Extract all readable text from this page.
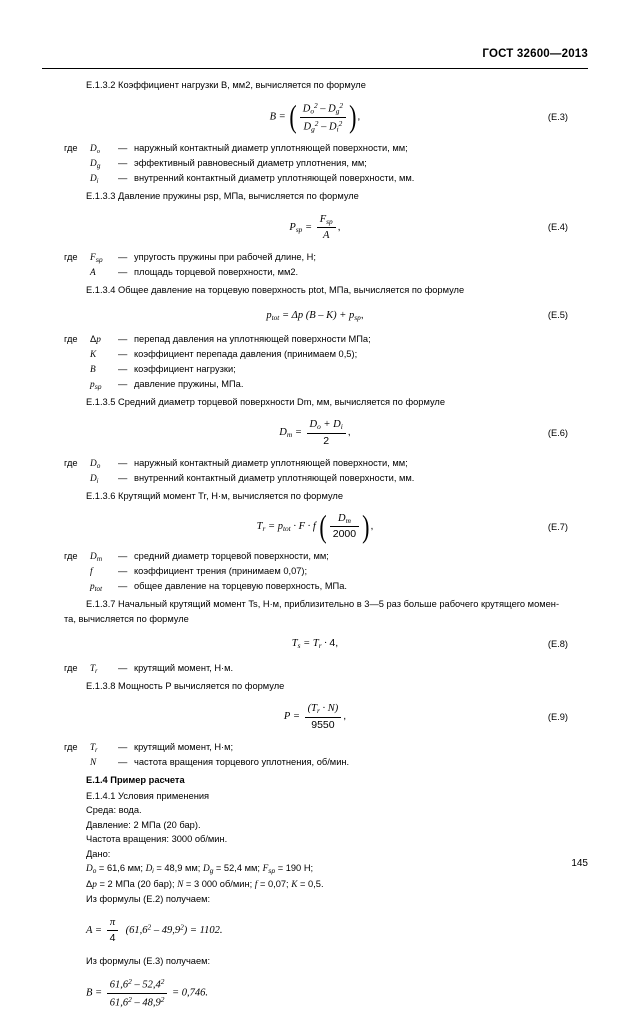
ГОСТ 32600—2013

E.1.3.2 Коэффициент нагрузки В, мм2, вычисляется по формуле

B = ( $\frac{D_o^2 - D_g^2}{D_g^2 - D_i^2}$ ),	(Е.3)
где	$D_o$	— наружный контактный диаметр уплотняющей поверхности, мм;
$D_g$	— эффективный равновесный диаметр уплотнения, мм;
$D_i$	— внутренний контактный диаметр уплотняющей поверхности, мм.

E.1.3.3 Давление пружины psp, МПа, вычисляется по формуле

$P_{sp} = \frac{F_{sp}}{A}$ ,	(Е.4)
где	$F_{sp}$	— упругость пружины при рабочей длине, Н;
A	— площадь торцевой поверхности, мм2.

E.1.3.4 Общее давление на торцевую поверхность ptot, МПа, вычисляется по формуле

$p_{tot} = \Delta p$ $(B - K) + p_{sp}$,	(Е.5)
где	Δp	— перепад давления на уплотняющей поверхности МПа;
K	— коэффициент перепада давления (принимаем 0,5);
B	— коэффициент нагрузки;
$p_{sp}$	— давление пружины, МПа.

E.1.3.5 Средний диаметр торцевой поверхности Dm, мм, вычисляется по формуле

$D_m = \frac{D_o + D_i}{2}$ ,	(Е.6)
где	$D_o$	— наружный контактный диаметр уплотняющей поверхности, мм;
$D_i$	— внутренний контактный диаметр уплотняющей поверхности, мм.

E.1.3.6 Крутящий момент Tr, Н·м, вычисляется по формуле

$T_r = p_{tot} \cdot F \cdot f$ ( $\frac{D_m}{2000}$ ),	(Е.7)
где	$D_m$	— средний диаметр торцевой поверхности, мм;
f	— коэффициент трения (принимаем 0,07);
$p_{tot}$	— общее давление на торцевую поверхность, МПа.

E.1.3.7 Начальный крутящий момент Ts, Н·м, приблизительно в 3—5 раз больше рабочего крутящего момен-

та, вычисляется по формуле

$T_s = T_r \cdot 4$,	(Е.8)
где	$T_r$	— крутящий момент, Н·м.

E.1.3.8 Мощность P вычисляется по формуле

$P = \frac{(T_r \cdot N)}{9550}$ ,	(Е.9)
где	$T_r$	— крутящий момент, Н·м;
N	— частота вращения торцевого уплотнения, об/мин.

Е.1.4 Пример расчета

Е.1.4.1 Условия применения

Среда: вода.

Давление: 2 МПа (20 бар).

Частота вращения: 3000 об/мин.

Дано:

$D_o = 61,6$ мм; $D_i = 48,9$ мм; $D_g = 52,4$ мм; $F_{sp} = 190$ Н;

Δp = 2 МПа (20 бар); N = 3 000 об/мин; f = 0,07; K = 0,5.

Из формулы (Е.2) получаем:

$A = \frac{\pi}{4} (61,6^2 - 49,9^2) = 1102$.

Из формулы (Е.3) получаем:

$B = \frac{61,6^2 - 52,4^2}{61,6^2 - 48,9^2} = 0,746$.
145
